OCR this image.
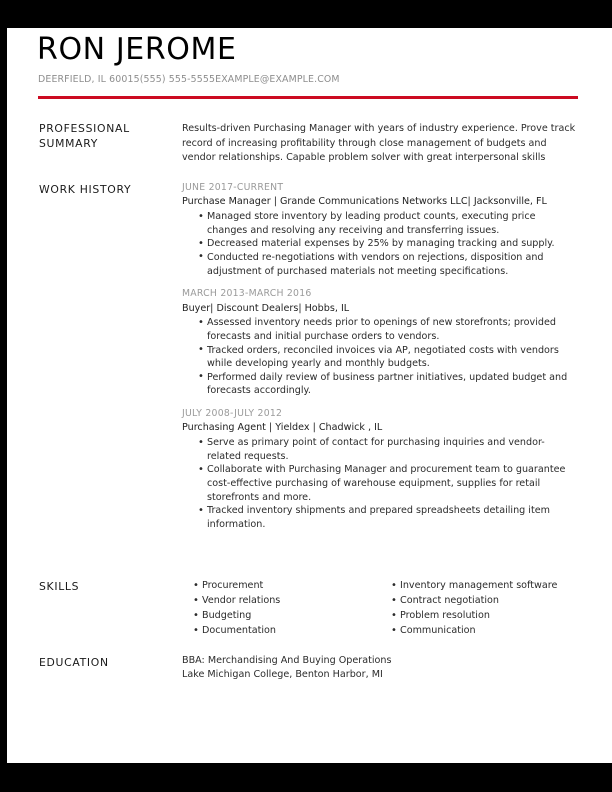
RON JEROME
DEERFIELD, IL 60015(555) 555-5555EXAMPLE@EXAMPLE.COM
PROFESSIONAL
SUMMARY
Results-driven Purchasing Manager with years of industry experience. Prove track record of increasing profitability through close management of budgets and vendor relationships. Capable problem solver with great interpersonal skills
WORK HISTORY	JUNE 2017-CURRENT
Purchase Manager | Grande Communications Networks LLC| Jacksonville, FL
• Managed store inventory by leading product counts, executing price changes and resolving any receiving and transferring issues.
• Decreased material expenses by 25% by managing tracking and supply.
• Conducted re-negotiations with vendors on rejections, disposition and adjustment of purchased materials not meeting specifications.
MARCH 2013-MARCH 2016
Buyer| Discount Dealers| Hobbs, IL
• Assessed inventory needs prior to openings of new storefronts; provided forecasts and initial purchase orders to vendors.
• Tracked orders, reconciled invoices via AP, negotiated costs with vendors while developing yearly and monthly budgets.
• Performed daily review of business partner initiatives, updated budget and forecasts accordingly.
JULY 2008-JULY 2012
Purchasing Agent | Yieldex | Chadwick , IL
• Serve as primary point of contact for purchasing inquiries and vendor-related requests.
• Collaborate with Purchasing Manager and procurement team to guarantee cost-effective purchasing of warehouse equipment, supplies for retail storefronts and more.
• Tracked inventory shipments and prepared spreadsheets detailing item information.
SKILLS	• Procurement
• Vendor relations
• Budgeting
• Documentation
• Inventory management software
• Contract negotiation
• Problem resolution
• Communication
EDUCATION	BBA: Merchandising And Buying Operations
Lake Michigan College, Benton Harbor, MI
